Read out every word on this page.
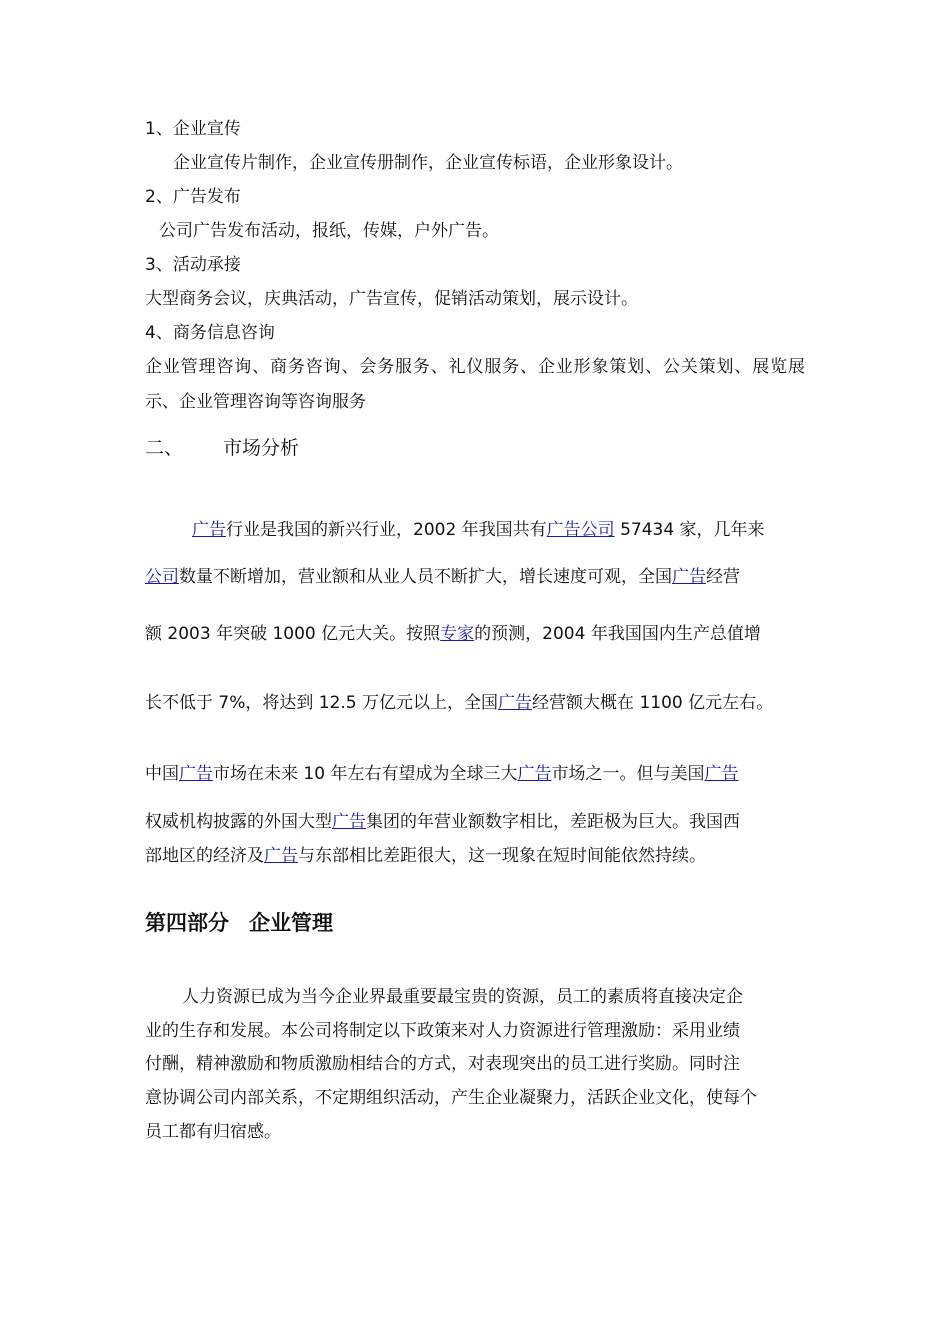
1、企业宣传
企业宣传片制作，企业宣传册制作，企业宣传标语，企业形象设计。
2、广告发布
公司广告发布活动，报纸，传媒，户外广告。
3、活动承接
大型商务会议，庆典活动，广告宣传，促销活动策划，展示设计。
4、商务信息咨询
企业管理咨询、商务咨询、会务服务、礼仪服务、企业形象策划、公关策划、展览展
示、企业管理咨询等咨询服务
二、 市场分析
广告行业是我国的新兴行业，2002 年我国共有广告公司 57434 家，几年来
公司数量不断增加，营业额和从业人员不断扩大，增长速度可观，全国广告经营
额 2003 年突破 1000 亿元大关。按照专家的预测，2004 年我国国内生产总值增
长不低于 7%，将达到 12.5 万亿元以上，全国广告经营额大概在 1100 亿元左右。
中国广告市场在未来 10 年左右有望成为全球三大广告市场之一。但与美国广告
权威机构披露的外国大型广告集团的年营业额数字相比，差距极为巨大。我国西
部地区的经济及广告与东部相比差距很大，这一现象在短时间能依然持续。
第四部分 企业管理
人力资源已成为当今企业界最重要最宝贵的资源，员工的素质将直接决定企
业的生存和发展。本公司将制定以下政策来对人力资源进行管理激励：采用业绩
付酬，精神激励和物质激励相结合的方式，对表现突出的员工进行奖励。同时注
意协调公司内部关系，不定期组织活动，产生企业凝聚力，活跃企业文化，使每个
员工都有归宿感。
